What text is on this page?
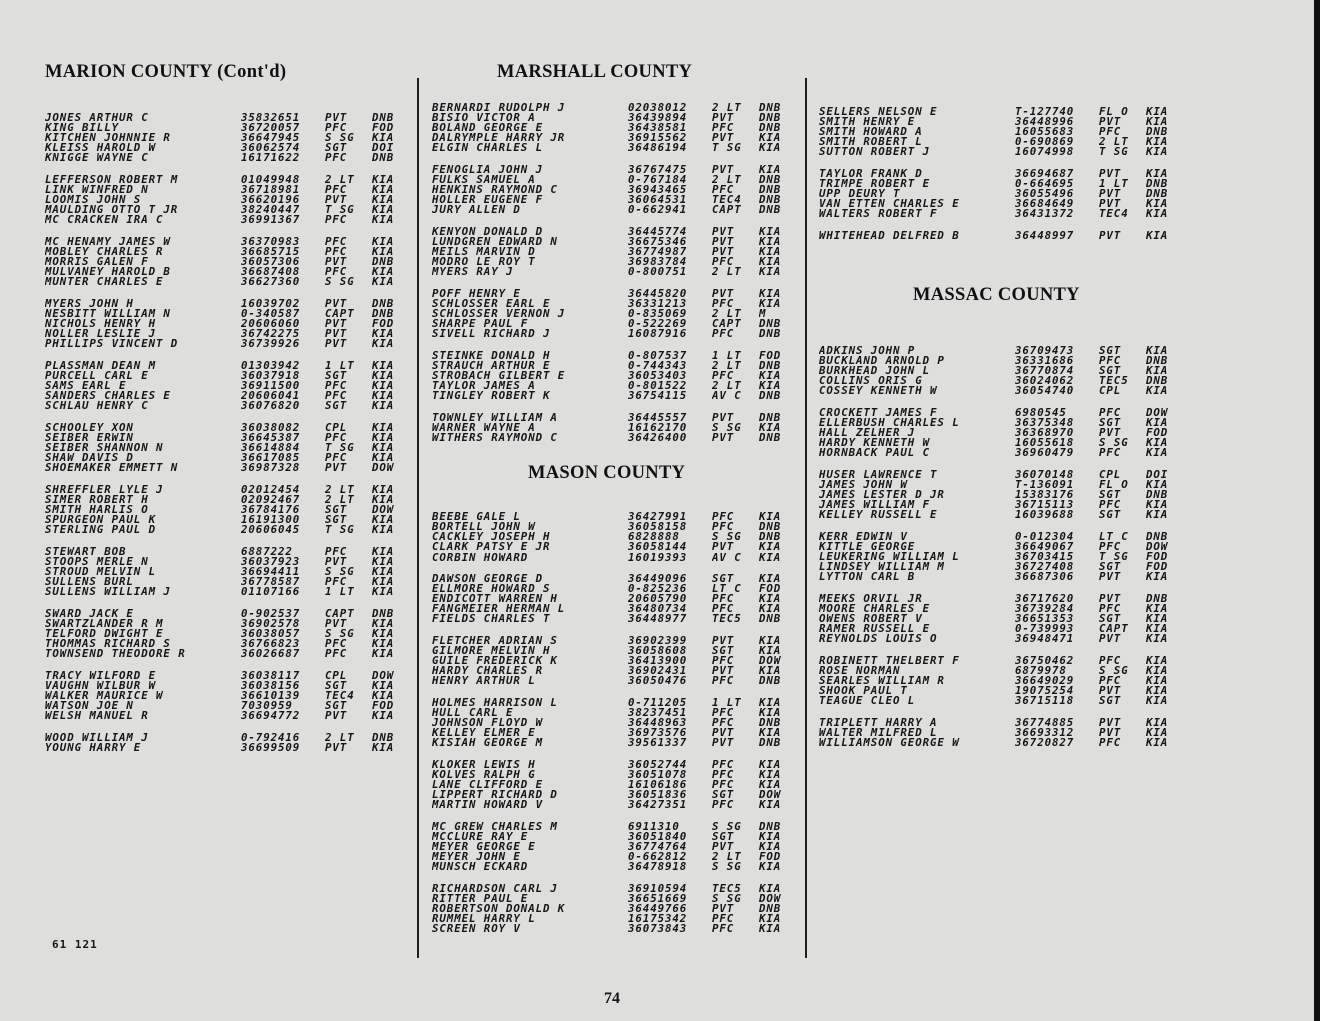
MARION COUNTY (Cont'd)
JONES ARTHUR C	35832651	PVT	DNB
KING BILLY	36720057	PFC	FOD
KITCHEN JOHNNIE R	36647945	S SG	KIA
KLEISS HAROLD W	36062574	SGT	DOI
KNIGGE WAYNE C	16171622	PFC	DNB
LEFFERSON ROBERT M	01049948	2 LT	KIA
LINK WINFRED N	36718981	PFC	KIA
LOOMIS JOHN S	36620196	PVT	KIA
MAULDING OTTO T JR	38240447	T SG	KIA
MC CRACKEN IRA C	36991367	PFC	KIA
MC HENAMY JAMES W	36370983	PFC	KIA
MOBLEY CHARLES R	36685715	PFC	KIA
MORRIS GALEN F	36057306	PVT	DNB
MULVANEY HAROLD B	36687408	PFC	KIA
MUNTER CHARLES E	36627360	S SG	KIA
MYERS JOHN H	16039702	PVT	DNB
NESBITT WILLIAM N	0-340587	CAPT	DNB
NICHOLS HENRY H	20606060	PVT	FOD
NOLLER LESLIE J	36742275	PVT	KIA
PHILLIPS VINCENT D	36739926	PVT	KIA
PLASSMAN DEAN M	01303942	1 LT	KIA
PURCELL CARL E	36037918	SGT	KIA
SAMS EARL E	36911500	PFC	KIA
SANDERS CHARLES E	20606041	PFC	KIA
SCHLAU HENRY C	36076820	SGT	KIA
SCHOOLEY XON	36038082	CPL	KIA
SEIBER ERWIN	36645387	PFC	KIA
SEIBER SHANNON N	36614884	T SG	KIA
SHAW DAVIS D	36617085	PFC	KIA
SHOEMAKER EMMETT N	36987328	PVT	DOW
SHREFFLER LYLE J	02012454	2 LT	KIA
SIMER ROBERT H	02092467	2 LT	KIA
SMITH HARLIS O	36784176	SGT	DOW
SPURGEON PAUL K	16191300	SGT	KIA
STERLING PAUL D	20606045	T SG	KIA
STEWART BOB	6887222	PFC	KIA
STOOPS MERLE N	36037923	PVT	KIA
STROUD MELVIN L	36694411	S SG	KIA
SULLENS BURL	36778587	PFC	KIA
SULLENS WILLIAM J	01107166	1 LT	KIA
SWARD JACK E	0-902537	CAPT	DNB
SWARTZLANDER R M	36902578	PVT	KIA
TELFORD DWIGHT E	36038057	S SG	KIA
THOMMAS RICHARD S	36766823	PFC	KIA
TOWNSEND THEODORE R	36026687	PFC	KIA
TRACY WILFORD E	36038117	CPL	DOW
VAUGHN WILBUR W	36038156	SGT	KIA
WALKER MAURICE W	36610139	TEC4	KIA
WATSON JOE N	7030959	SGT	FOD
WELSH MANUEL R	36694772	PVT	KIA
WOOD WILLIAM J	0-792416	2 LT	DNB
YOUNG HARRY E	36699509	PVT	KIA
MARSHALL COUNTY
BERNARDI RUDOLPH J	02038012	2 LT	DNB
BISIO VICTOR A	36439894	PVT	DNB
BOLAND GEORGE E	36438581	PFC	DNB
DALRYMPLE HARRY JR	36915562	PVT	KIA
ELGIN CHARLES L	36486194	T SG	KIA
FENOGLIA JOHN J	36767475	PVT	KIA
FULKS SAMUEL A	0-767184	2 LT	DNB
HENKINS RAYMOND C	36943465	PFC	DNB
HOLLER EUGENE F	36064531	TEC4	DNB
JURY ALLEN D	0-662941	CAPT	DNB
KENYON DONALD D	36445774	PVT	KIA
LUNDGREN EDWARD N	36675346	PVT	KIA
MEILS MARVIN D	36774987	PVT	KIA
MODRO LE ROY T	36983784	PFC	KIA
MYERS RAY J	0-800751	2 LT	KIA
POFF HENRY E	36445820	PVT	KIA
SCHLOSSER EARL E	36331213	PFC	KIA
SCHLOSSER VERNON J	0-835069	2 LT	M
SHARPE PAUL F	0-522269	CAPT	DNB
SIVELL RICHARD J	16087916	PFC	DNB
STEINKE DONALD H	0-807537	1 LT	FOD
STRAUCH ARTHUR E	0-744343	2 LT	DNB
STROBACH GILBERT E	36053403	PFC	KIA
TAYLOR JAMES A	0-801522	2 LT	KIA
TINGLEY ROBERT K	36754115	AV C	DNB
TOWNLEY WILLIAM A	36445557	PVT	DNB
WARNER WAYNE A	16162170	S SG	KIA
WITHERS RAYMOND C	36426400	PVT	DNB
MASON COUNTY
BEEBE GALE L	36427991	PFC	KIA
BORTELL JOHN W	36058158	PFC	DNB
CACKLEY JOSEPH H	6828888	S SG	DNB
CLARK PATSY E JR	36058144	PVT	KIA
CORBIN HOWARD	16019393	AV C	KIA
DAWSON GEORGE D	36449096	SGT	KIA
ELLMORE HOWARD S	0-825236	LT C	FOD
ENDICOTT WARREN H	20605790	PFC	KIA
FANGMEIER HERMAN L	36480734	PFC	KIA
FIELDS CHARLES T	36448977	TEC5	DNB
FLETCHER ADRIAN S	36902399	PVT	KIA
GILMORE MELVIN H	36058608	SGT	KIA
GUILE FREDERICK K	36413900	PFC	DOW
HARDY CHARLES R	36902431	PVT	KIA
HENRY ARTHUR L	36050476	PFC	DNB
HOLMES HARRISON L	0-711205	1 LT	KIA
HULL CARL E	38237451	PFC	KIA
JOHNSON FLOYD W	36448963	PFC	DNB
KELLEY ELMER E	36973576	PVT	KIA
KISIAH GEORGE M	39561337	PVT	DNB
KLOKER LEWIS H	36052744	PFC	KIA
KOLVES RALPH G	36051078	PFC	KIA
LANE CLIFFORD E	16106186	PFC	KIA
LIPPERT RICHARD D	36051836	SGT	DOW
MARTIN HOWARD V	36427351	PFC	KIA
MC GREW CHARLES M	6911310	S SG	DNB
MCCLURE RAY E	36051840	SGT	KIA
MEYER GEORGE E	36774764	PVT	KIA
MEYER JOHN E	0-662812	2 LT	FOD
MUNSCH ECKARD	36478918	S SG	KIA
RICHARDSON CARL J	36910594	TEC5	KIA
RITTER PAUL E	36651669	S SG	DOW
ROBERTSON DONALD K	36449766	PVT	DNB
RUMMEL HARRY L	16175342	PFC	KIA
SCREEN ROY V	36073843	PFC	KIA
SELLERS NELSON E	T-127740	FL O	KIA
SMITH HENRY E	36448996	PVT	KIA
SMITH HOWARD A	16055683	PFC	DNB
SMITH ROBERT L	0-690869	2 LT	KIA
SUTTON ROBERT J	16074998	T SG	KIA
TAYLOR FRANK D	36694687	PVT	KIA
TRIMPE ROBERT E	0-664695	1 LT	DNB
UPP DEURY T	36055496	PVT	DNB
VAN ETTEN CHARLES E	36684649	PVT	KIA
WALTERS ROBERT F	36431372	TEC4	KIA
WHITEHEAD DELFRED B	36448997	PVT	KIA
MASSAC COUNTY
ADKINS JOHN P	36709473	SGT	KIA
BUCKLAND ARNOLD P	36331686	PFC	DNB
BURKHEAD JOHN L	36770874	SGT	KIA
COLLINS ORIS G	36024062	TEC5	DNB
COSSEY KENNETH W	36054740	CPL	KIA
CROCKETT JAMES F	6980545	PFC	DOW
ELLERBUSH CHARLES L	36375348	SGT	KIA
HALL ZELHER J	36368970	PVT	FOD
HARDY KENNETH W	16055618	S SG	KIA
HORNBACK PAUL C	36960479	PFC	KIA
HUSER LAWRENCE T	36070148	CPL	DOI
JAMES JOHN W	T-136091	FL O	KIA
JAMES LESTER D JR	15383176	SGT	DNB
JAMES WILLIAM F	36715113	PFC	KIA
KELLEY RUSSELL E	16039688	SGT	KIA
KERR EDWIN V	0-012304	LT C	DNB
KITTLE GEORGE	36649067	PFC	DOW
LEUKERING WILLIAM L	36703415	T SG	FOD
LINDSEY WILLIAM M	36727408	SGT	FOD
LYTTON CARL B	36687306	PVT	KIA
MEEKS ORVIL JR	36717620	PVT	DNB
MOORE CHARLES E	36739284	PFC	KIA
OWENS ROBERT V	36651353	SGT	KIA
RAMER RUSSELL E	0-739993	CAPT	KIA
REYNOLDS LOUIS O	36948471	PVT	KIA
ROBINETT THELBERT F	36750462	PFC	KIA
ROSE NORMAN	6879978	S SG	KIA
SEARLES WILLIAM R	36649029	PFC	KIA
SHOOK PAUL T	19075254	PVT	KIA
TEAGUE CLEO L	36715118	SGT	KIA
TRIPLETT HARRY A	36774885	PVT	KIA
WALTER MILFRED L	36693312	PVT	KIA
WILLIAMSON GEORGE W	36720827	PFC	KIA
61 121
74
